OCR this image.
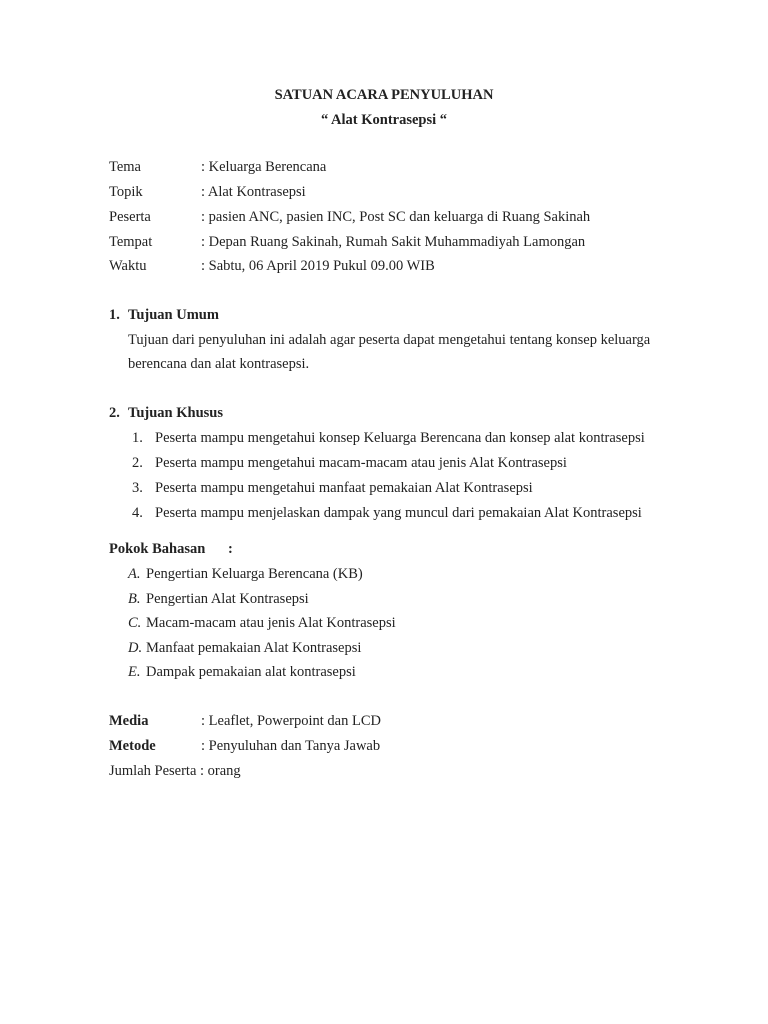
SATUAN ACARA PENYULUHAN
“ Alat Kontrasepsi “
Tema	: Keluarga Berencana
Topik	: Alat Kontrasepsi
Peserta	: pasien ANC, pasien INC, Post SC dan keluarga di Ruang Sakinah
Tempat	: Depan Ruang Sakinah, Rumah Sakit Muhammadiyah Lamongan
Waktu	: Sabtu, 06 April 2019 Pukul 09.00 WIB
1. Tujuan Umum
Tujuan dari penyuluhan ini adalah agar peserta dapat mengetahui tentang konsep keluarga
berencana dan alat kontrasepsi.
2. Tujuan Khusus
1. Peserta mampu mengetahui konsep Keluarga Berencana dan konsep alat kontrasepsi
2. Peserta mampu mengetahui macam-macam atau jenis Alat Kontrasepsi
3. Peserta mampu mengetahui manfaat pemakaian Alat Kontrasepsi
4. Peserta mampu menjelaskan dampak yang muncul dari pemakaian Alat Kontrasepsi
Pokok Bahasan :
A. Pengertian Keluarga Berencana (KB)
B. Pengertian Alat Kontrasepsi
C. Macam-macam atau jenis Alat Kontrasepsi
D. Manfaat pemakaian Alat Kontrasepsi
E. Dampak pemakaian alat kontrasepsi
Media	: Leaflet, Powerpoint dan LCD
Metode	: Penyuluhan dan Tanya Jawab
Jumlah Peserta : orang
